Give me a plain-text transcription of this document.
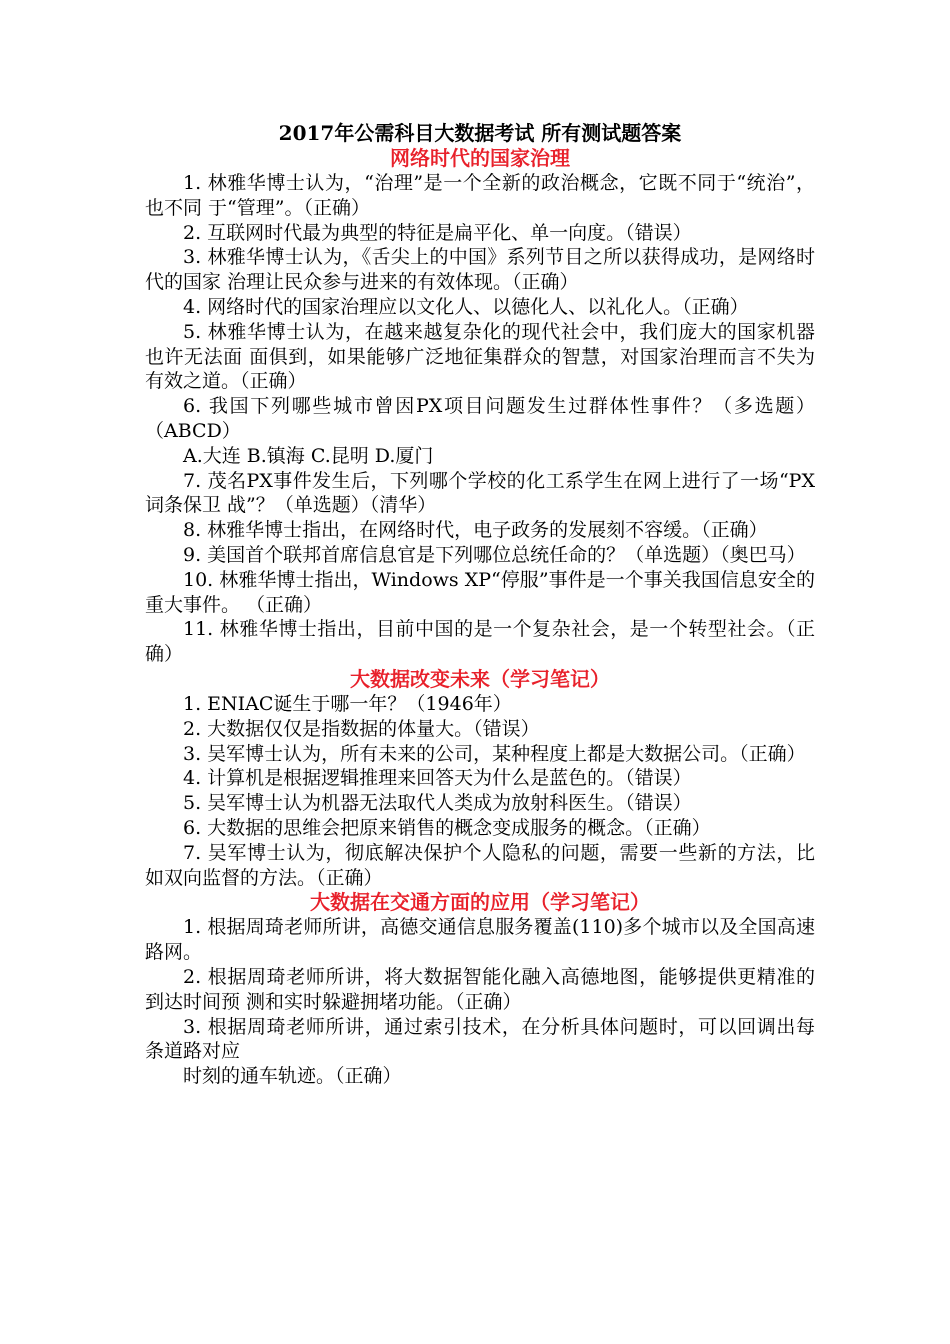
2017年公需科目大数据考试 所有测试题答案
网络时代的国家治理

1. 林雅华博士认为，“治理”是一个全新的政治概念，它既不同于“统治”，也不同 于“管理”。（正确）

2. 互联网时代最为典型的特征是扁平化、单一向度。（错误）

3. 林雅华博士认为，《舌尖上的中国》系列节目之所以获得成功，是网络时代的国家 治理让民众参与进来的有效体现。（正确）

4. 网络时代的国家治理应以文化人、以德化人、以礼化人。（正确）

5. 林雅华博士认为，在越来越复杂化的现代社会中，我们庞大的国家机器也许无法面 面俱到，如果能够广泛地征集群众的智慧，对国家治理而言不失为有效之道。（正确）

6. 我国下列哪些城市曾因PX项目问题发生过群体性事件？（多选题）（ABCD）

A.大连 B.镇海 C.昆明 D.厦门

7. 茂名PX事件发生后，下列哪个学校的化工系学生在网上进行了一场“PX词条保卫 战”？（单选题）（清华）

8. 林雅华博士指出，在网络时代，电子政务的发展刻不容缓。（正确）

9. 美国首个联邦首席信息官是下列哪位总统任命的？（单选题）（奥巴马）

10. 林雅华博士指出，Windows XP“停服”事件是一个事关我国信息安全的重大事件。 （正确）

11. 林雅华博士指出，目前中国的是一个复杂社会，是一个转型社会。（正确）

大数据改变未来（学习笔记）

1. ENIAC诞生于哪一年？（1946年）

2. 大数据仅仅是指数据的体量大。（错误）

3. 吴军博士认为，所有未来的公司，某种程度上都是大数据公司。（正确）

4. 计算机是根据逻辑推理来回答天为什么是蓝色的。（错误）

5. 吴军博士认为机器无法取代人类成为放射科医生。（错误）

6. 大数据的思维会把原来销售的概念变成服务的概念。（正确）

7. 吴军博士认为，彻底解决保护个人隐私的问题，需要一些新的方法，比如双向监督的方法。（正确）

大数据在交通方面的应用（学习笔记）

1. 根据周琦老师所讲，高德交通信息服务覆盖(110)多个城市以及全国高速路网。

2. 根据周琦老师所讲，将大数据智能化融入高德地图，能够提供更精准的到达时间预 测和实时躲避拥堵功能。（正确）

3. 根据周琦老师所讲，通过索引技术，在分析具体问题时，可以回调出每条道路对应

时刻的通车轨迹。（正确）
